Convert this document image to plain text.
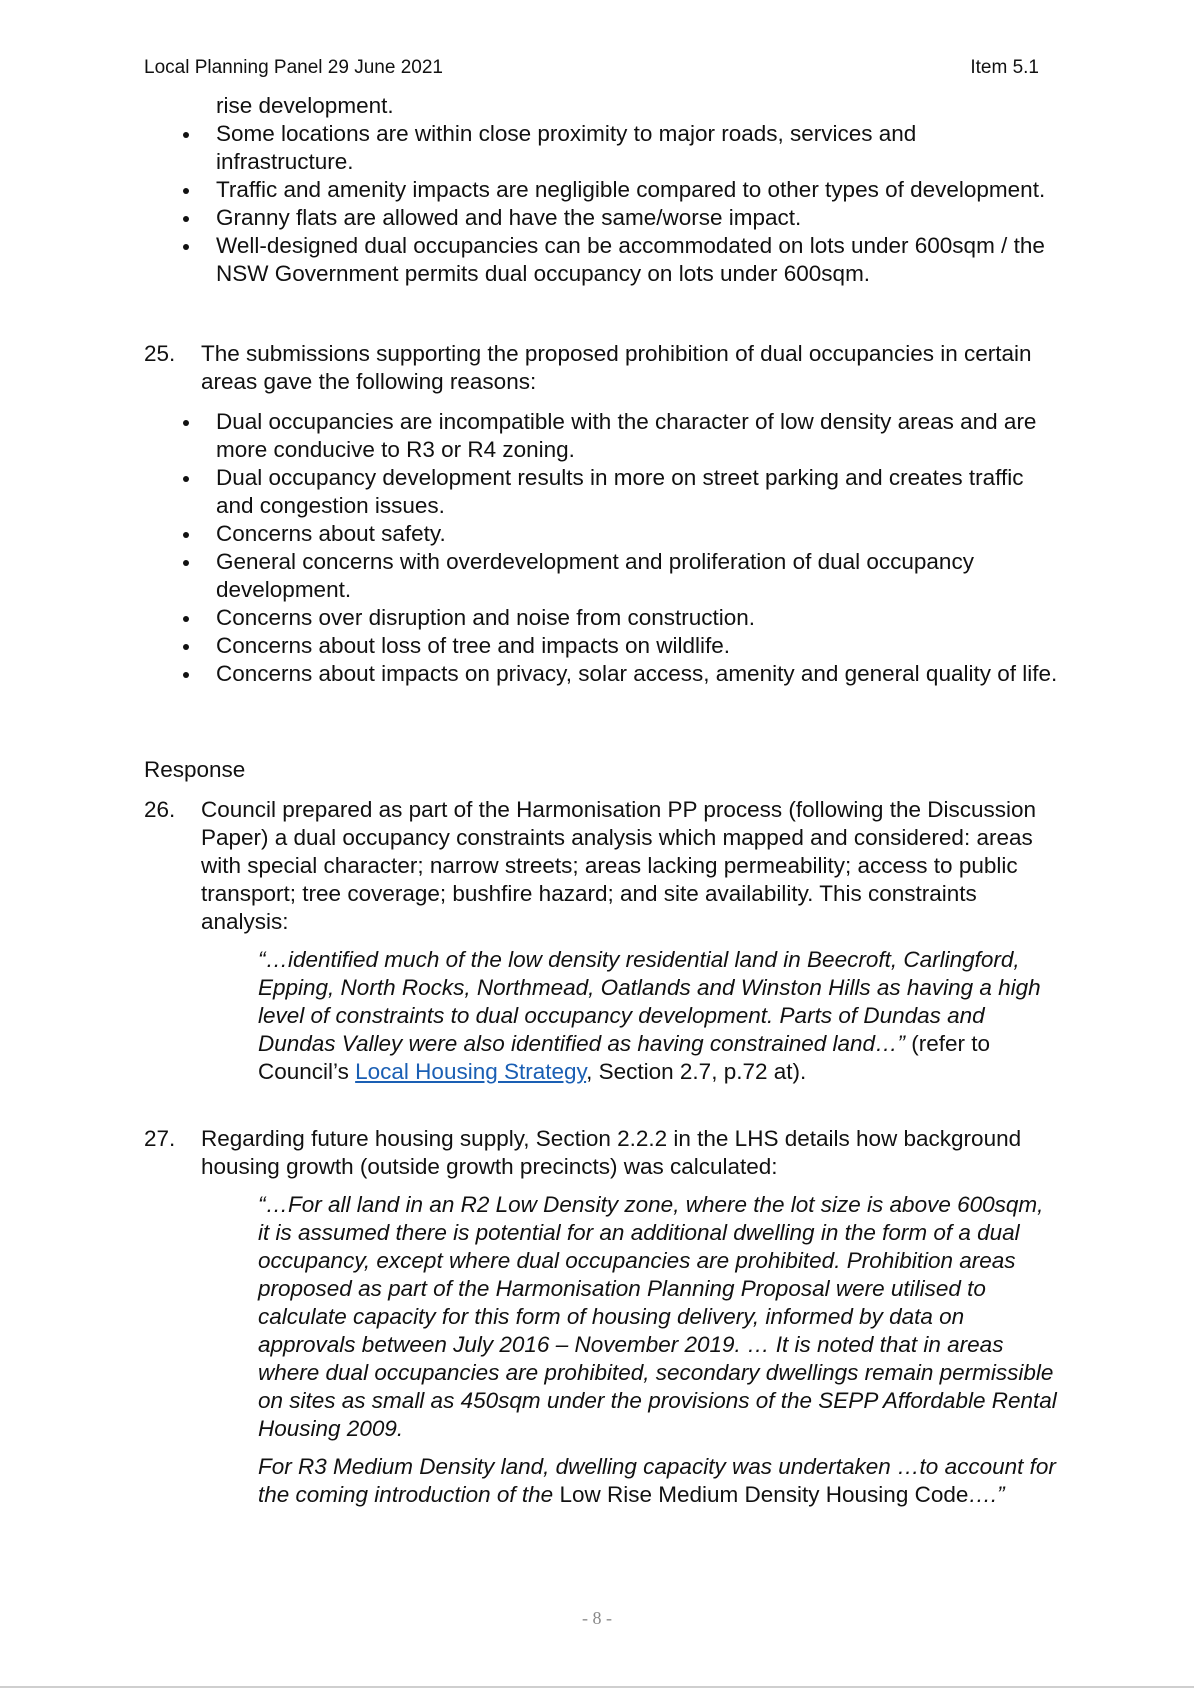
Local Planning Panel 29 June 2021	Item 5.1
rise development.
Some locations are within close proximity to major roads, services and infrastructure.
Traffic and amenity impacts are negligible compared to other types of development.
Granny flats are allowed and have the same/worse impact.
Well-designed dual occupancies can be accommodated on lots under 600sqm / the NSW Government permits dual occupancy on lots under 600sqm.
25. The submissions supporting the proposed prohibition of dual occupancies in certain areas gave the following reasons:
Dual occupancies are incompatible with the character of low density areas and are more conducive to R3 or R4 zoning.
Dual occupancy development results in more on street parking and creates traffic and congestion issues.
Concerns about safety.
General concerns with overdevelopment and proliferation of dual occupancy development.
Concerns over disruption and noise from construction.
Concerns about loss of tree and impacts on wildlife.
Concerns about impacts on privacy, solar access, amenity and general quality of life.
Response
26. Council prepared as part of the Harmonisation PP process (following the Discussion Paper) a dual occupancy constraints analysis which mapped and considered: areas with special character; narrow streets; areas lacking permeability; access to public transport; tree coverage; bushfire hazard; and site availability. This constraints analysis:
“…identified much of the low density residential land in Beecroft, Carlingford, Epping, North Rocks, Northmead, Oatlands and Winston Hills as having a high level of constraints to dual occupancy development. Parts of Dundas and Dundas Valley were also identified as having constrained land…” (refer to Council’s Local Housing Strategy, Section 2.7, p.72 at).
27. Regarding future housing supply, Section 2.2.2 in the LHS details how background housing growth (outside growth precincts) was calculated:
“…For all land in an R2 Low Density zone, where the lot size is above 600sqm, it is assumed there is potential for an additional dwelling in the form of a dual occupancy, except where dual occupancies are prohibited. Prohibition areas proposed as part of the Harmonisation Planning Proposal were utilised to calculate capacity for this form of housing delivery, informed by data on approvals between July 2016 – November 2019. … It is noted that in areas where dual occupancies are prohibited, secondary dwellings remain permissible on sites as small as 450sqm under the provisions of the SEPP Affordable Rental Housing 2009.
For R3 Medium Density land, dwelling capacity was undertaken …to account for the coming introduction of the Low Rise Medium Density Housing Code….”
- 8 -
